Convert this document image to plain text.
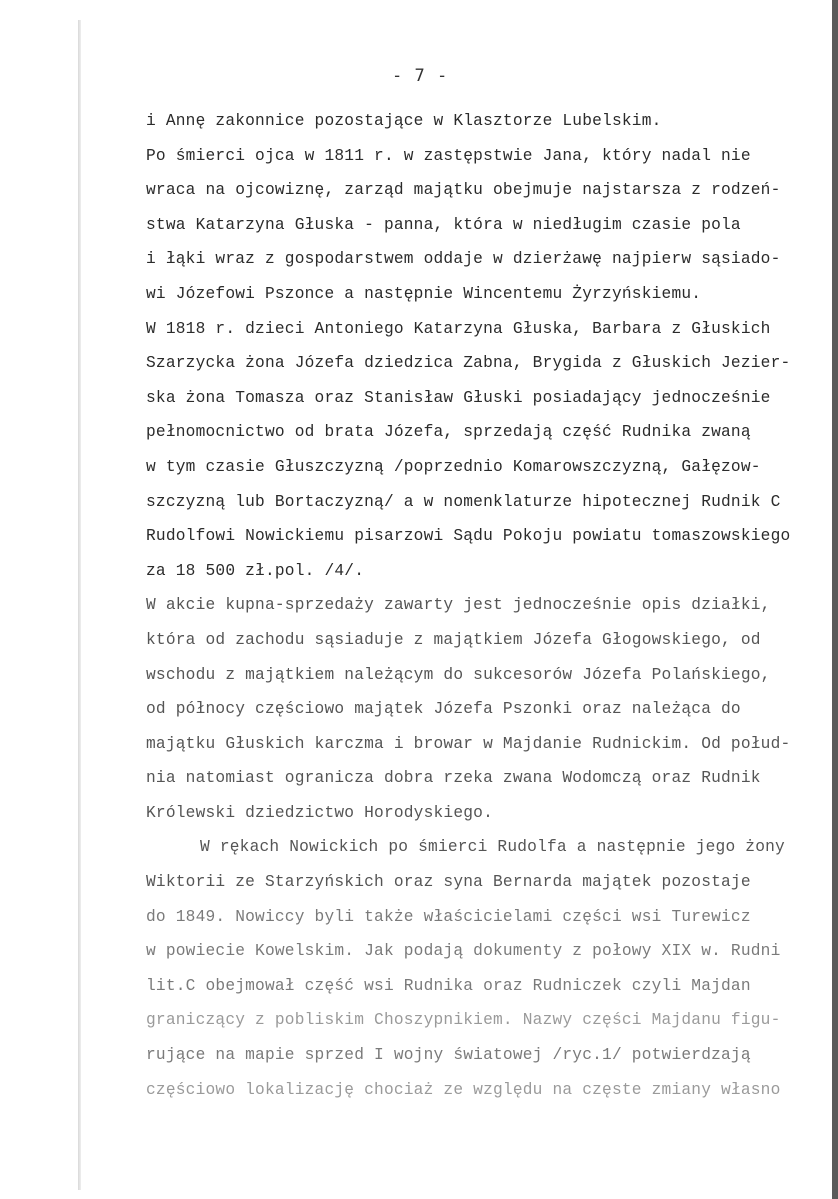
- 7 -
i Annę zakonnice pozostające w Klasztorze Lubelskim.
Po śmierci ojca w 1811 r. w zastępstwie Jana, który nadal nie
wraca na ojcowiznę, zarząd majątku obejmuje najstarsza z rodzeń-
stwa Katarzyna Głuska - panna, która w niedługim czasie pola
i łąki wraz z gospodarstwem oddaje w dzierżawę najpierw sąsiado-
wi Józefowi Pszonce a następnie Wincentemu Żyrzyńskiemu.
W 1818 r. dzieci Antoniego Katarzyna Głuska, Barbara z Głuskich
Szarzycka żona Józefa dziedzica Zabna, Brygida z Głuskich Jezier-
ska żona Tomasza oraz Stanisław Głuski posiadający jednocześnie
pełnomocnictwo od brata Józefa, sprzedają część Rudnika zwaną
w tym czasie Głuszczyzną /poprzednio Komarowszczyzną, Gałęzow-
szczyzną lub Bortaczyzną/ a w nomenklaturze hipotecznej Rudnik C
Rudolfowi Nowickiemu pisarzowi Sądu Pokoju powiatu tomaszowskiego
za 18 500 zł.pol. /4/.
W akcie kupna-sprzedaży zawarty jest jednocześnie opis działki,
która od zachodu sąsiaduje z majątkiem Józefa Głogowskiego, od
wschodu z majątkiem należącym do sukcesorów Józefa Polańskiego,
od północy częściowo majątek Józefa Pszonki oraz należąca do
majątku Głuskich karczma i browar w Majdanie Rudnickim. Od połud-
nia natomiast ogranicza dobra rzeka zwana Wodomczą oraz Rudnik
Królewski dziedzictwo Horodyskiego.
W rękach Nowickich po śmierci Rudolfa a następnie jego żony
Wiktorii ze Starzyńskich oraz syna Bernarda majątek pozostaje
do 1849. Nowiccy byli także właścicielami części wsi Turewicz
w powiecie Kowelskim. Jak podają dokumenty z połowy XIX w. Rudni
lit.C obejmował część wsi Rudnika oraz Rudniczek czyli Majdan
graniczący z pobliskim Choszypnikiem. Nazwy części Majdanu figu-
rujące na mapie sprzed I wojny światowej /ryc.1/ potwierdzają
częściowo lokalizację chociaż ze względu na częste zmiany własno
